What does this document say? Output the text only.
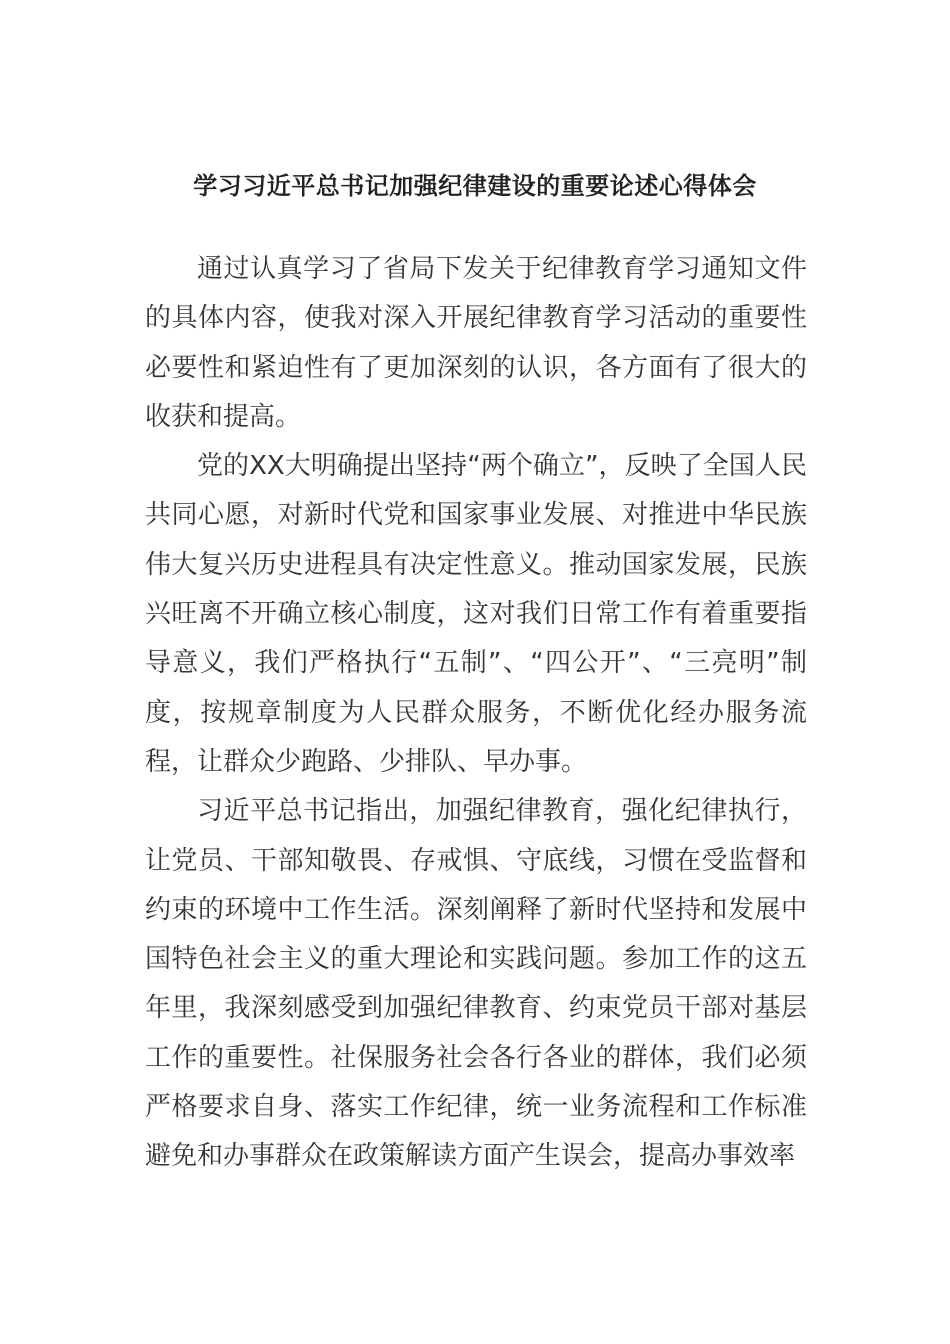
学习习近平总书记加强纪律建设的重要论述心得体会

通过认真学习了省局下发关于纪律教育学习通知文件的具体内容，使我对深入开展纪律教育学习活动的重要性必要性和紧迫性有了更加深刻的认识，各方面有了很大的收获和提高。

党的XX大明确提出坚持“两个确立”，反映了全国人民共同心愿，对新时代党和国家事业发展、对推进中华民族伟大复兴历史进程具有决定性意义。推动国家发展，民族兴旺离不开确立核心制度，这对我们日常工作有着重要指导意义，我们严格执行“五制”、“四公开”、“三亮明”制度，按规章制度为人民群众服务，不断优化经办服务流程，让群众少跑路、少排队、早办事。

习近平总书记指出，加强纪律教育，强化纪律执行，让党员、干部知敬畏、存戒惧、守底线，习惯在受监督和约束的环境中工作生活。深刻阐释了新时代坚持和发展中国特色社会主义的重大理论和实践问题。参加工作的这五年里，我深刻感受到加强纪律教育、约束党员干部对基层工作的重要性。社保服务社会各行各业的群体，我们必须严格要求自身、落实工作纪律，统一业务流程和工作标准避免和办事群众在政策解读方面产生误会，提高办事效率
